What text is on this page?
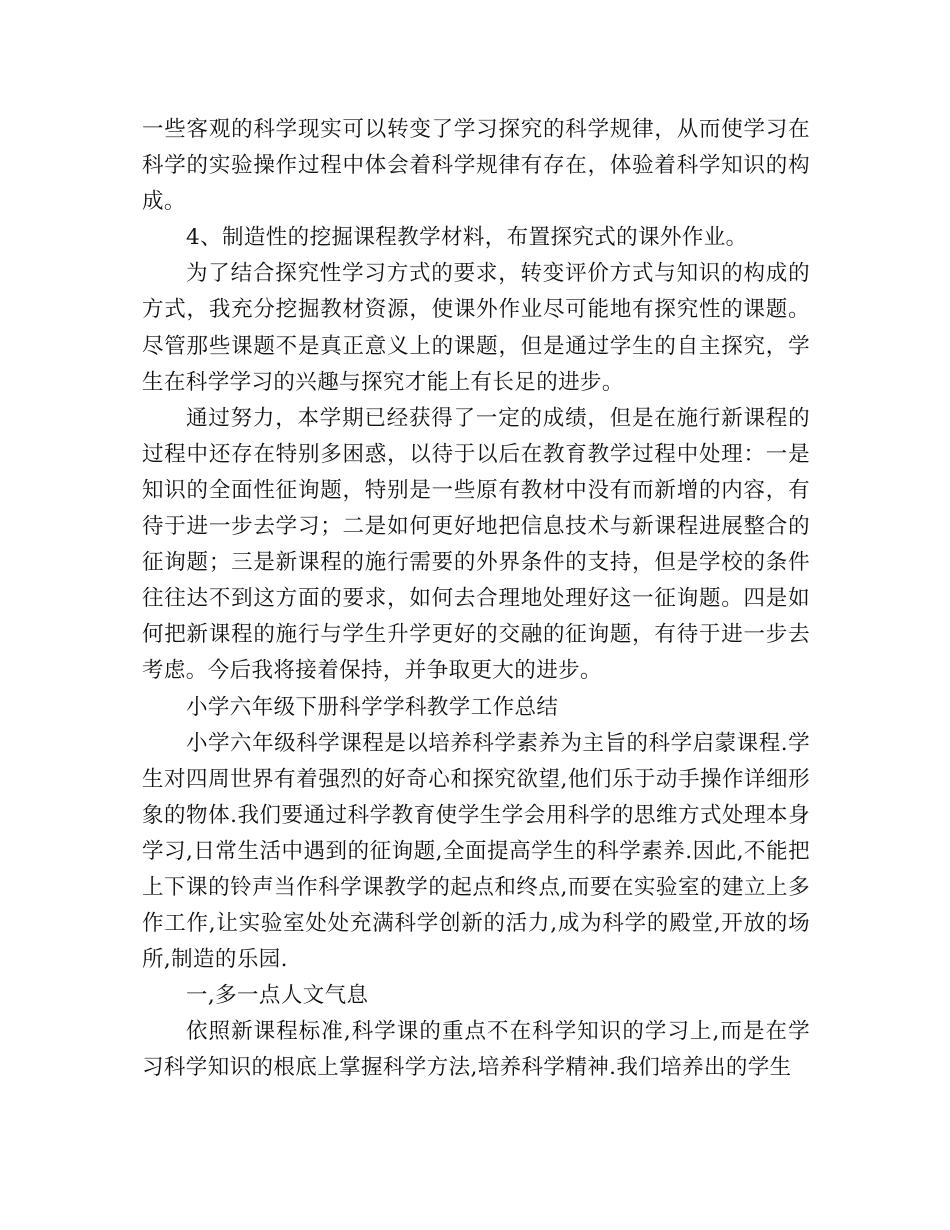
一些客观的科学现实可以转变了学习探究的科学规律，从而使学习在科学的实验操作过程中体会着科学规律有存在，体验着科学知识的构成。

4、制造性的挖掘课程教学材料，布置探究式的课外作业。

为了结合探究性学习方式的要求，转变评价方式与知识的构成的方式，我充分挖掘教材资源，使课外作业尽可能地有探究性的课题。尽管那些课题不是真正意义上的课题，但是通过学生的自主探究，学生在科学学习的兴趣与探究才能上有长足的进步。

通过努力，本学期已经获得了一定的成绩，但是在施行新课程的过程中还存在特别多困惑，以待于以后在教育教学过程中处理：一是知识的全面性征询题，特别是一些原有教材中没有而新增的内容，有待于进一步去学习；二是如何更好地把信息技术与新课程进展整合的征询题；三是新课程的施行需要的外界条件的支持，但是学校的条件往往达不到这方面的要求，如何去合理地处理好这一征询题。四是如何把新课程的施行与学生升学更好的交融的征询题，有待于进一步去考虑。今后我将接着保持，并争取更大的进步。

小学六年级下册科学学科教学工作总结

小学六年级科学课程是以培养科学素养为主旨的科学启蒙课程.学生对四周世界有着强烈的好奇心和探究欲望,他们乐于动手操作详细形象的物体.我们要通过科学教育使学生学会用科学的思维方式处理本身学习,日常生活中遇到的征询题,全面提高学生的科学素养.因此,不能把上下课的铃声当作科学课教学的起点和终点,而要在实验室的建立上多作工作,让实验室处处充满科学创新的活力,成为科学的殿堂,开放的场所,制造的乐园.

一,多一点人文气息

依照新课程标准,科学课的重点不在科学知识的学习上,而是在学习科学知识的根底上掌握科学方法,培养科学精神.我们培养出的学生
